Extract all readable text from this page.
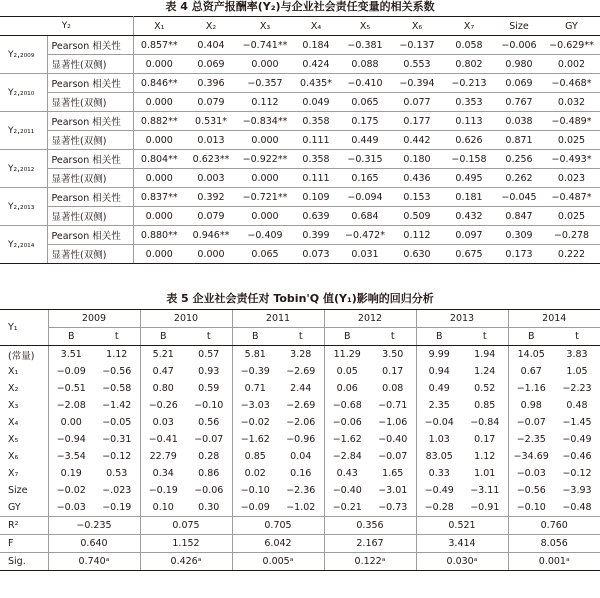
表 4 总资产报酬率(Y₂)与企业社会责任变量的相关系数
Y₂		X₁	X₂	X₃	X₄	X₅	X₆	X₇	Size	GY
Y₂,₂₀₀₉	Pearson 相关性	0.857**	0.404	−0.741**	0.184	−0.381	−0.137	0.058	−0.006	−0.629**
	显著性(双侧)	0.000	0.069	0.000	0.424	0.088	0.553	0.802	0.980	0.002
Y₂,₂₀₁₀	Pearson 相关性	0.846**	0.396	−0.357	0.435*	−0.410	−0.394	−0.213	0.069	−0.468*
	显著性(双侧)	0.000	0.079	0.112	0.049	0.065	0.077	0.353	0.767	0.032
Y₂,₂₀₁₁	Pearson 相关性	0.882**	0.531*	−0.834**	0.358	0.175	0.177	0.113	0.038	−0.489*
	显著性(双侧)	0.000	0.013	0.000	0.111	0.449	0.442	0.626	0.871	0.025
Y₂,₂₀₁₂	Pearson 相关性	0.804**	0.623**	−0.922**	0.358	−0.315	0.180	−0.158	0.256	−0.493*
	显著性(双侧)	0.000	0.003	0.000	0.111	0.165	0.436	0.495	0.262	0.023
Y₂,₂₀₁₃	Pearson 相关性	0.837**	0.392	−0.721**	0.109	−0.094	0.153	0.181	−0.045	−0.487*
	显著性(双侧)	0.000	0.079	0.000	0.639	0.684	0.509	0.432	0.847	0.025
Y₂,₂₀₁₄	Pearson 相关性	0.880**	0.946**	−0.409	0.399	−0.472*	0.112	0.097	0.309	−0.278
	显著性(双侧)	0.000	0.000	0.065	0.073	0.031	0.630	0.675	0.173	0.222
表 5 企业社会责任对 Tobin'Q 值(Y₁)影响的回归分析
Y₁	2009		2010		2011		2012		2013		2014	
	B	t	B	t	B	t	B	t	B	t	B	t
(常量)	3.51	1.12	5.21	0.57	5.81	3.28	11.29	3.50	9.99	1.94	14.05	3.83
X₁	−0.09	−0.56	0.47	0.93	−0.39	−2.69	0.05	0.17	0.94	1.24	0.67	1.05
X₂	−0.51	−0.58	0.80	0.59	0.71	2.44	0.06	0.08	0.49	0.52	−1.16	−2.23
X₃	−2.08	−1.42	−0.26	−0.10	−3.03	−2.69	−0.68	−0.71	2.35	0.85	0.98	0.48
X₄	0.00	−0.05	0.03	0.56	−0.02	−2.06	−0.06	−1.06	−0.04	−0.84	−0.07	−1.45
X₅	−0.94	−0.31	−0.41	−0.07	−1.62	−0.96	−1.62	−0.40	1.03	0.17	−2.35	−0.49
X₆	−3.54	−0.12	22.79	0.28	0.85	0.04	−2.84	−0.07	83.05	1.12	−34.69	−0.46
X₇	0.19	0.53	0.34	0.86	0.02	0.16	0.43	1.65	0.33	1.01	−0.03	−0.12
Size	−0.02	−.023	−0.19	−0.06	−0.10	−2.36	−0.40	−3.01	−0.49	−3.11	−0.56	−3.93
GY	−0.03	−0.19	0.10	0.30	−0.09	−1.02	−0.21	−0.73	−0.28	−0.91	−0.10	−0.48
R²	−0.235		0.075		0.705		0.356		0.521		0.760	
F	0.640		1.152		6.042		2.167		3.414		8.056	
Sig.	0.740ᵃ		0.426ᵃ		0.005ᵃ		0.122ᵃ		0.030ᵃ		0.001ᵃ	
